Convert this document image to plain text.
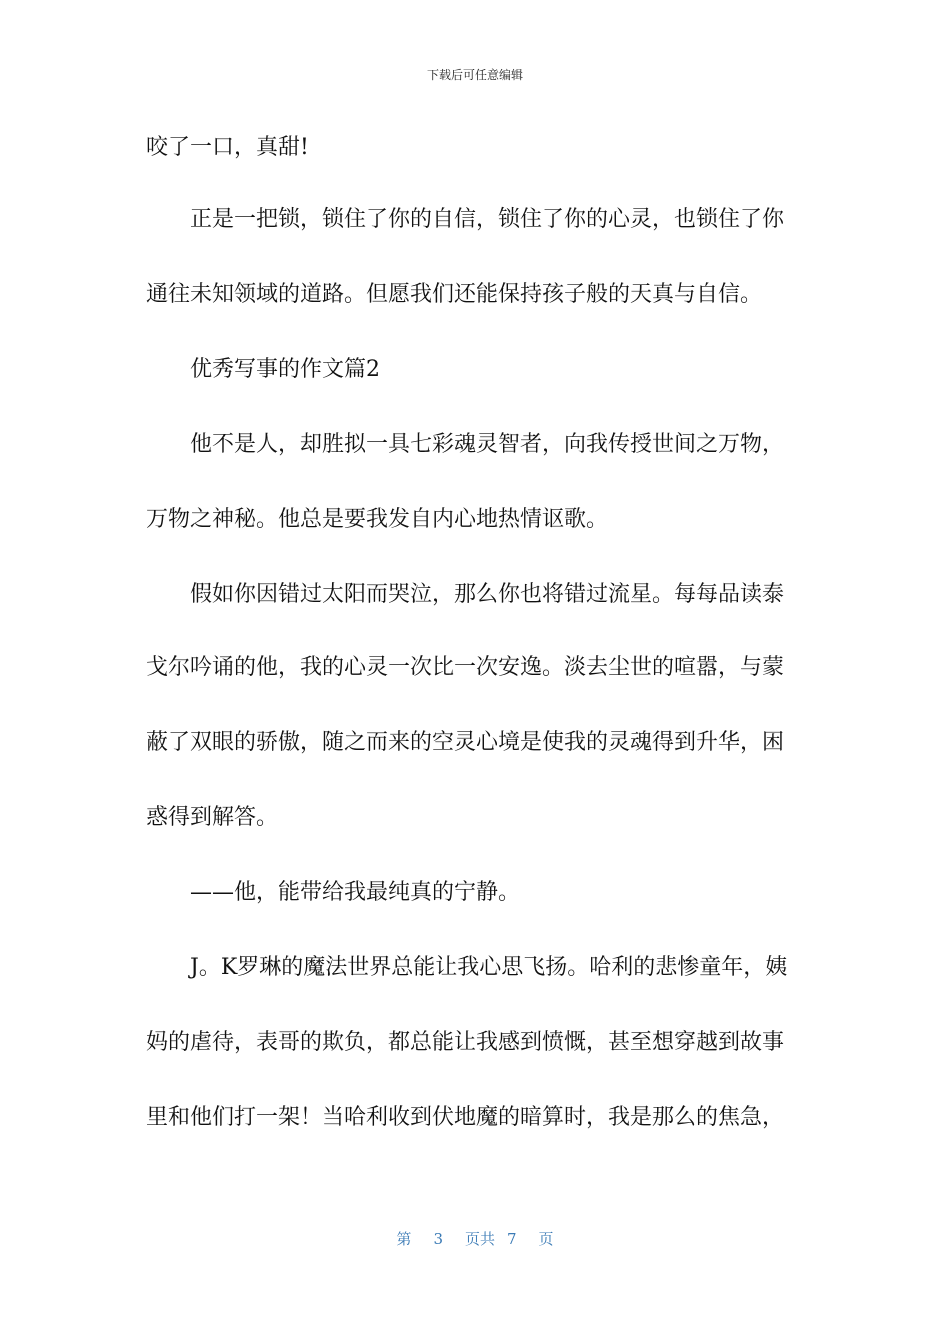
下载后可任意编辑
咬了一口，真甜!
正是一把锁，锁住了你的自信，锁住了你的心灵，也锁住了你
通往未知领域的道路。但愿我们还能保持孩子般的天真与自信。
优秀写事的作文篇2
他不是人，却胜拟一具七彩魂灵智者，向我传授世间之万物，
万物之神秘。他总是要我发自内心地热情讴歌。
假如你因错过太阳而哭泣，那么你也将错过流星。每每品读泰
戈尔吟诵的他，我的心灵一次比一次安逸。淡去尘世的喧嚣，与蒙
蔽了双眼的骄傲，随之而来的空灵心境是使我的灵魂得到升华，困
惑得到解答。
——他，能带给我最纯真的宁静。
J。K罗琳的魔法世界总能让我心思飞扬。哈利的悲惨童年，姨
妈的虐待，表哥的欺负，都总能让我感到愤慨，甚至想穿越到故事
里和他们打一架！当哈利收到伏地魔的暗算时，我是那么的焦急，
第 3 页共 7 页
